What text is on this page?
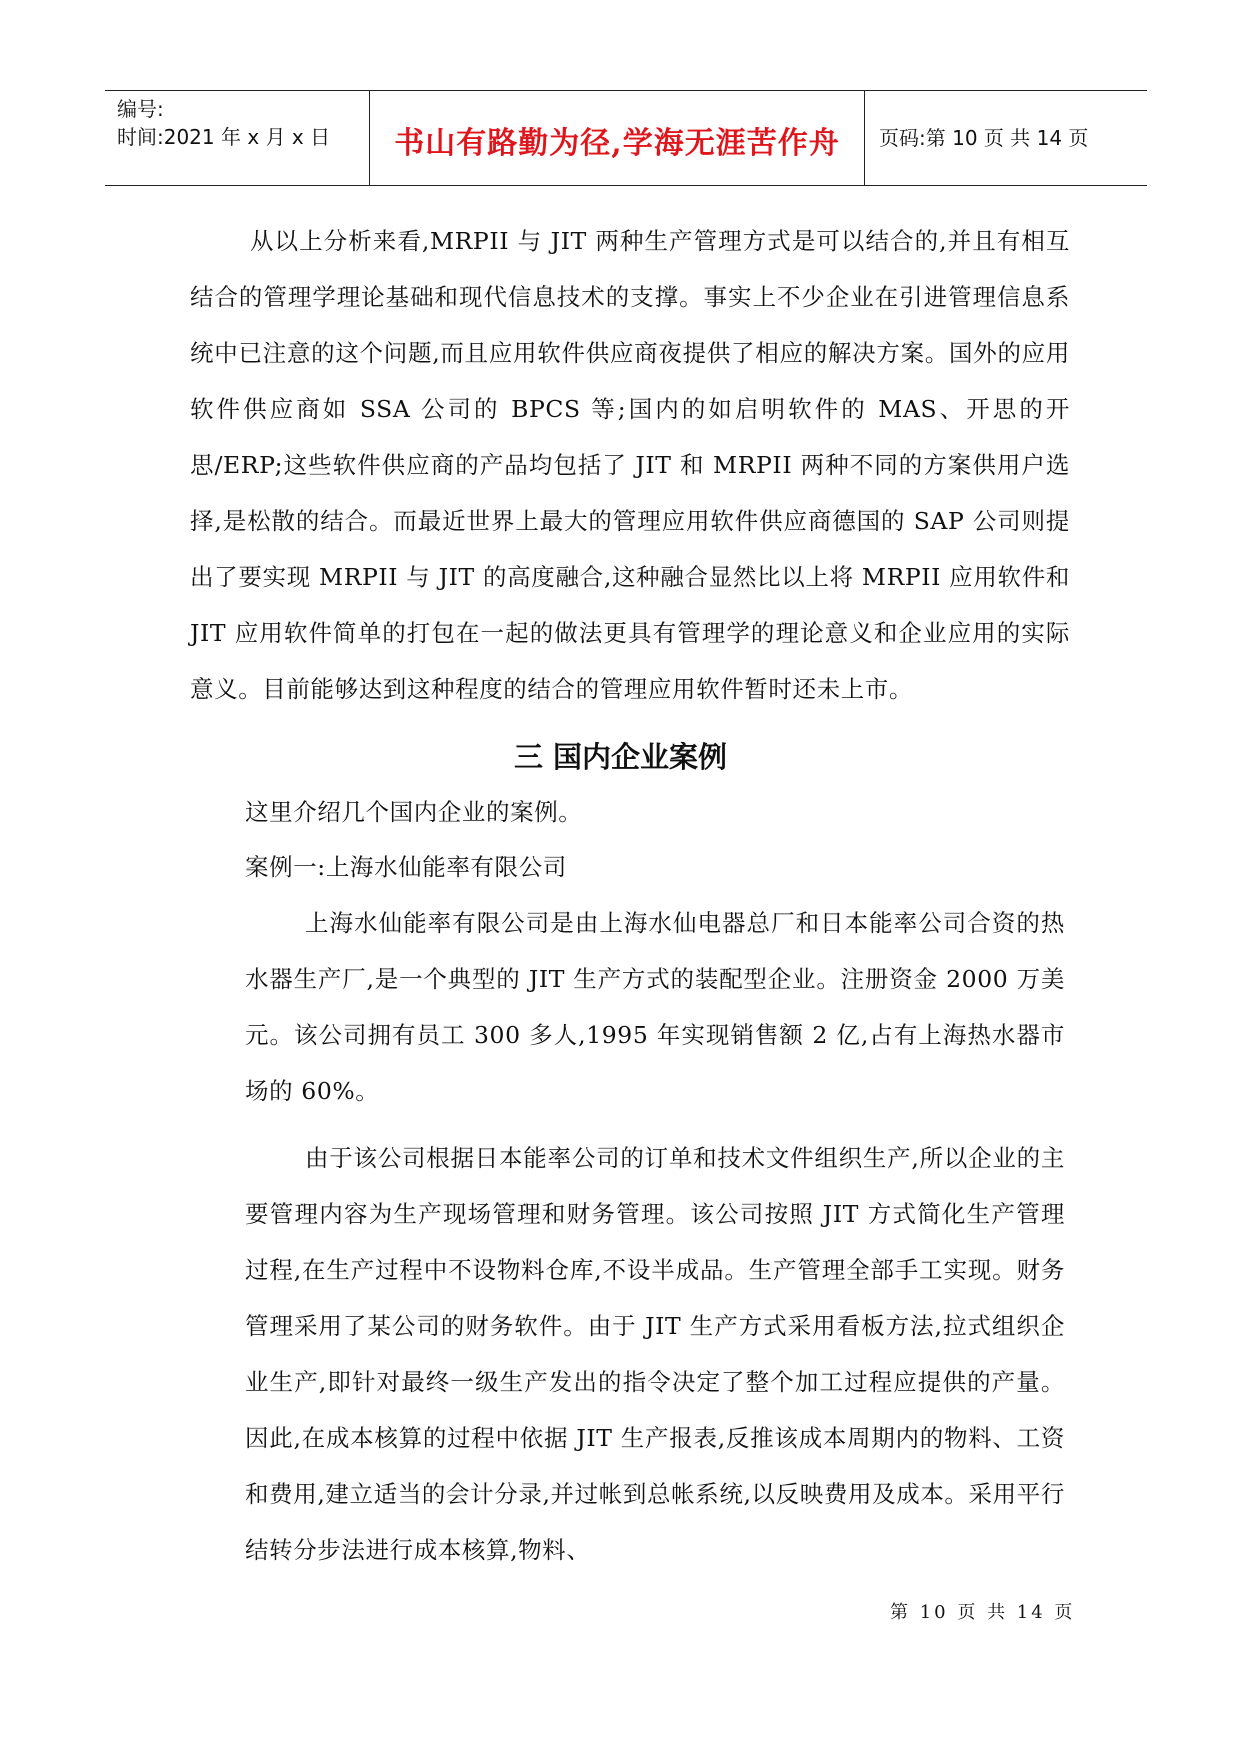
编号:
时间:2021 年 x 月 x 日	书山有路勤为径,学海无涯苦作舟	页码:第 10 页 共 14 页
从以上分析来看,MRPII 与 JIT 两种生产管理方式是可以结合的,并且有相互结合的管理学理论基础和现代信息技术的支撑。事实上不少企业在引进管理信息系统中已注意的这个问题,而且应用软件供应商夜提供了相应的解决方案。国外的应用软件供应商如 SSA 公司的 BPCS 等;国内的如启明软件的 MAS、开思的开思/ERP;这些软件供应商的产品均包括了 JIT 和 MRPII 两种不同的方案供用户选择,是松散的结合。而最近世界上最大的管理应用软件供应商德国的 SAP 公司则提出了要实现 MRPII 与 JIT 的高度融合,这种融合显然比以上将 MRPII 应用软件和 JIT 应用软件简单的打包在一起的做法更具有管理学的理论意义和企业应用的实际意义。目前能够达到这种程度的结合的管理应用软件暂时还未上市。
三 国内企业案例
这里介绍几个国内企业的案例。
案例一:上海水仙能率有限公司
上海水仙能率有限公司是由上海水仙电器总厂和日本能率公司合资的热水器生产厂,是一个典型的 JIT 生产方式的装配型企业。注册资金 2000 万美元。该公司拥有员工 300 多人,1995 年实现销售额 2 亿,占有上海热水器市场的 60%。
由于该公司根据日本能率公司的订单和技术文件组织生产,所以企业的主要管理内容为生产现场管理和财务管理。该公司按照 JIT 方式简化生产管理过程,在生产过程中不设物料仓库,不设半成品。生产管理全部手工实现。财务管理采用了某公司的财务软件。由于 JIT 生产方式采用看板方法,拉式组织企业生产,即针对最终一级生产发出的指令决定了整个加工过程应提供的产量。因此,在成本核算的过程中依据 JIT 生产报表,反推该成本周期内的物料、工资和费用,建立适当的会计分录,并过帐到总帐系统,以反映费用及成本。采用平行结转分步法进行成本核算,物料、
第 10 页 共 14 页
